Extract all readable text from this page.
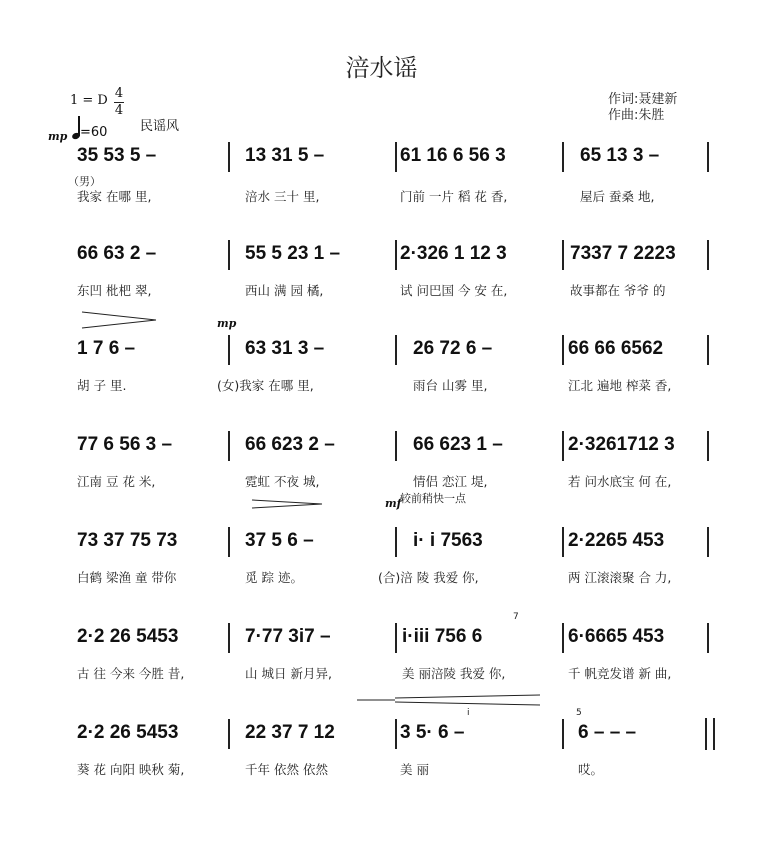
涪水谣
作词:聂建新
作曲:朱胜
1 = D 4
4
=60	民谣风
mp
35 53 5 –	13 31 5 –	61 16 6 56 3	65 13 3 –
（男）
我家 在哪 里,	涪水 三十 里,	门前 一片 稻 花 香,	屋后 蚕桑 地,
66 63 2 –	55 5 23 1 –	2·326 1 12 3	7337 7 2223
东凹 枇杷 翠,	西山 满 园 橘,	试 问巴国 今 安 在,	故事都在 爷爷 的
mp
1 7 6 –	63 31 3 –	26 72 6 –	66 66 6562
胡 子 里.	(女)我家 在哪 里,	雨台 山雾 里,	江北 遍地 榨菜 香,
77 6 56 3 –	66 623 2 –	66 623 1 –	2·3261712 3
江南 豆 花 米,	霓虹 不夜 城,	情侣 恋江 堤,	若 问水底宝 何 在,
mf
较前稍快一点
73 37 75 73	37 5 6 –	i· i 7563	2·2265 453
白鹤 梁渔 童 带你	觅 踪 迹。	(合)涪 陵 我爱 你,	两 江滚滚聚 合 力,
7
2·2 26 5453	7·77 3i7 –	i·iii 756 6	6·6665 453
古 往 今来 今胜 昔,	山 城日 新月异,	美 丽涪陵 我爱 你,	千 帆竞发谱 新 曲,
i	5
2·2 26 5453	22 37 7 12	3 5· 6 –	6 – – –
葵 花 向阳 映秋 菊,	千年 依然 依然	美 丽	哎。
